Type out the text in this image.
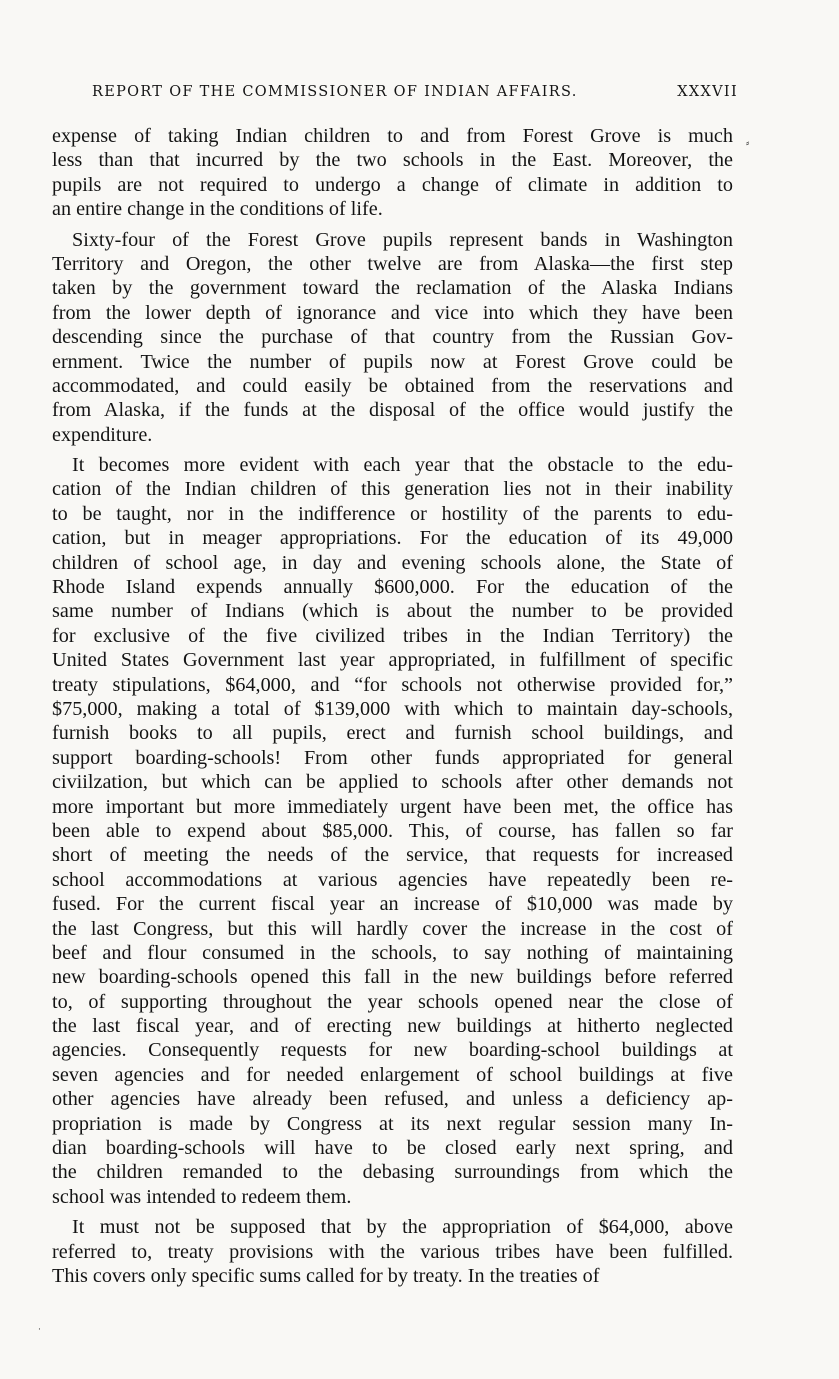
REPORT OF THE COMMISSIONER OF INDIAN AFFAIRS.	XXXVII
expense of taking Indian children to and from Forest Grove is much
less than that incurred by the two schools in the East. Moreover, the
pupils are not required to undergo a change of climate in addition to
an entire change in the conditions of life.
Sixty-four of the Forest Grove pupils represent bands in Washington
Territory and Oregon, the other twelve are from Alaska—the first step
taken by the government toward the reclamation of the Alaska Indians
from the lower depth of ignorance and vice into which they have been
descending since the purchase of that country from the Russian Gov-
ernment. Twice the number of pupils now at Forest Grove could be
accommodated, and could easily be obtained from the reservations and
from Alaska, if the funds at the disposal of the office would justify the
expenditure.
It becomes more evident with each year that the obstacle to the edu-
cation of the Indian children of this generation lies not in their inability
to be taught, nor in the indifference or hostility of the parents to edu-
cation, but in meager appropriations. For the education of its 49,000
children of school age, in day and evening schools alone, the State of
Rhode Island expends annually $600,000. For the education of the
same number of Indians (which is about the number to be provided
for exclusive of the five civilized tribes in the Indian Territory) the
United States Government last year appropriated, in fulfillment of specific
treaty stipulations, $64,000, and “for schools not otherwise provided for,”
$75,000, making a total of $139,000 with which to maintain day-schools,
furnish books to all pupils, erect and furnish school buildings, and
support boarding-schools! From other funds appropriated for general
civiilzation, but which can be applied to schools after other demands not
more important but more immediately urgent have been met, the office has
been able to expend about $85,000. This, of course, has fallen so far
short of meeting the needs of the service, that requests for increased
school accommodations at various agencies have repeatedly been re-
fused. For the current fiscal year an increase of $10,000 was made by
the last Congress, but this will hardly cover the increase in the cost of
beef and flour consumed in the schools, to say nothing of maintaining
new boarding-schools opened this fall in the new buildings before referred
to, of supporting throughout the year schools opened near the close of
the last fiscal year, and of erecting new buildings at hitherto neglected
agencies. Consequently requests for new boarding-school buildings at
seven agencies and for needed enlargement of school buildings at five
other agencies have already been refused, and unless a deficiency ap-
propriation is made by Congress at its next regular session many In-
dian boarding-schools will have to be closed early next spring, and
the children remanded to the debasing surroundings from which the
school was intended to redeem them.
It must not be supposed that by the appropriation of $64,000, above
referred to, treaty provisions with the various tribes have been fulfilled.
This covers only specific sums called for by treaty. In the treaties of
⸗
·
